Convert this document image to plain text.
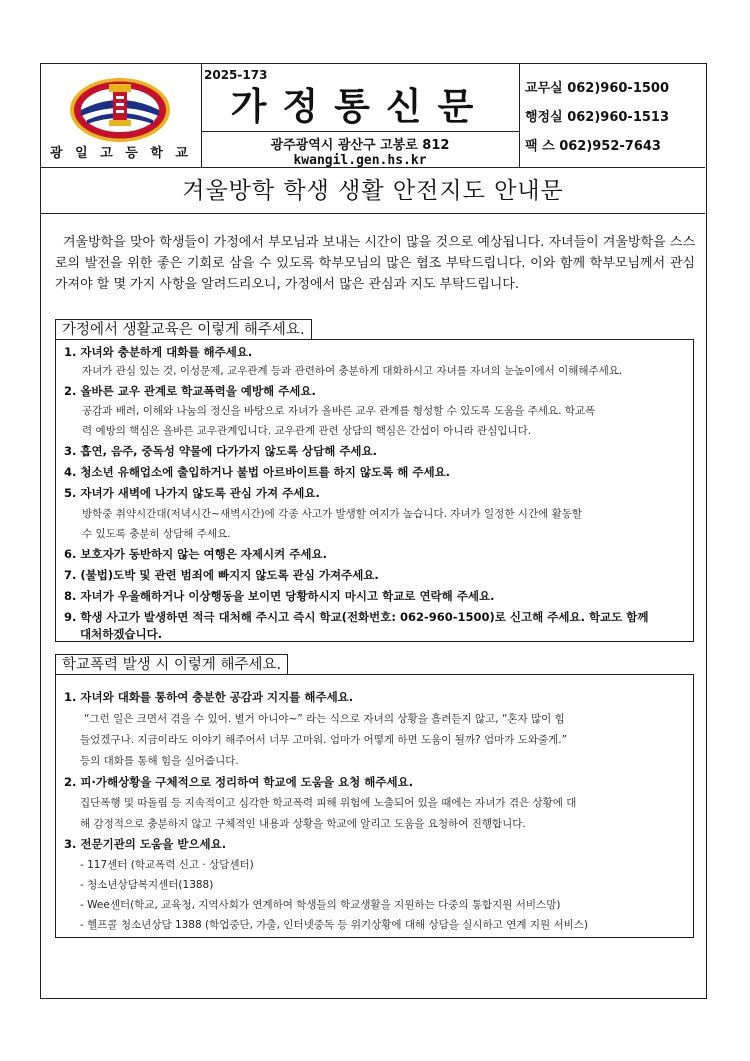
광 일 고 등 학 교
2025-173
가정통신문
광주광역시 광산구 고봉로 812
kwangil.gen.hs.kr
교무실 062)960-1500
행정실 062)960-1513
팩 스 062)952-7643
겨울방학 학생 생활 안전지도 안내문
겨울방학을 맞아 학생들이 가정에서 부모님과 보내는 시간이 많을 것으로 예상됩니다. 자녀들이 겨울방학을 스스로의 발전을 위한 좋은 기회로 삼을 수 있도록 학부모님의 많은 협조 부탁드립니다. 이와 함께 학부모님께서 관심 가져야 할 몇 가지 사항을 알려드리오니, 가정에서 많은 관심과 지도 부탁드립니다.
가정에서 생활교육은 이렇게 해주세요.
1. 자녀와 충분하게 대화를 해주세요.
자녀가 관심 있는 것, 이성문제, 교우관계 등과 관련하여 충분하게 대화하시고 자녀를 자녀의 눈높이에서 이해해주세요.
2. 올바른 교우 관계로 학교폭력을 예방해 주세요.
공감과 배려, 이해와 나눔의 정신을 바탕으로 자녀가 올바른 교우 관계를 형성할 수 있도록 도움을 주세요. 학교폭
력 예방의 핵심은 올바른 교우관계입니다. 교우관계 관련 상담의 핵심은 간섭이 아니라 관심입니다.
3. 흡연, 음주, 중독성 약물에 다가가지 않도록 상담해 주세요.
4. 청소년 유해업소에 출입하거나 불법 아르바이트를 하지 않도록 해 주세요.
5. 자녀가 새벽에 나가지 않도록 관심 가져 주세요.
방학중 취약시간대(저녁시간~새벽시간)에 각종 사고가 발생할 여지가 높습니다. 자녀가 일정한 시간에 활동할
수 있도록 충분히 상담해 주세요.
6. 보호자가 동반하지 않는 여행은 자제시켜 주세요.
7. (불법)도박 및 관련 범죄에 빠지지 않도록 관심 가져주세요.
8. 자녀가 우울해하거나 이상행동을 보이면 당황하시지 마시고 학교로 연락해 주세요.
9. 학생 사고가 발생하면 적극 대처해 주시고 즉시 학교(전화번호: 062-960-1500)로 신고해 주세요. 학교도 함께
대처하겠습니다.
학교폭력 발생 시 이렇게 해주세요.
1. 자녀와 대화를 통하여 충분한 공감과 지지를 해주세요.
“그런 일은 크면서 겪을 수 있어. 별거 아니야~” 라는 식으로 자녀의 상황을 흘려듣지 않고, “혼자 많이 힘
들었겠구나. 지금이라도 이야기 해주어서 너무 고마워. 엄마가 어떻게 하면 도움이 될까? 엄마가 도와줄게.”
등의 대화를 통해 힘을 실어줍니다.
2. 피·가해상황을 구체적으로 정리하여 학교에 도움을 요청 해주세요.
집단폭행 및 따돌림 등 지속적이고 심각한 학교폭력 피해 위험에 노출되어 있을 때에는 자녀가 겪은 상황에 대
해 감정적으로 충분하지 않고 구체적인 내용과 상황을 학교에 알리고 도움을 요청하여 진행합니다.
3. 전문기관의 도움을 받으세요.
- 117센터 (학교폭력 신고 · 상담센터)
- 청소년상담복지센터(1388)
- Wee센터(학교, 교육청, 지역사회가 연계하여 학생들의 학교생활을 지원하는 다중의 통합지원 서비스망)
- 헬프콜 청소년상담 1388 (학업중단, 가출, 인터넷중독 등 위기상황에 대해 상담을 실시하고 연계 지원 서비스)
